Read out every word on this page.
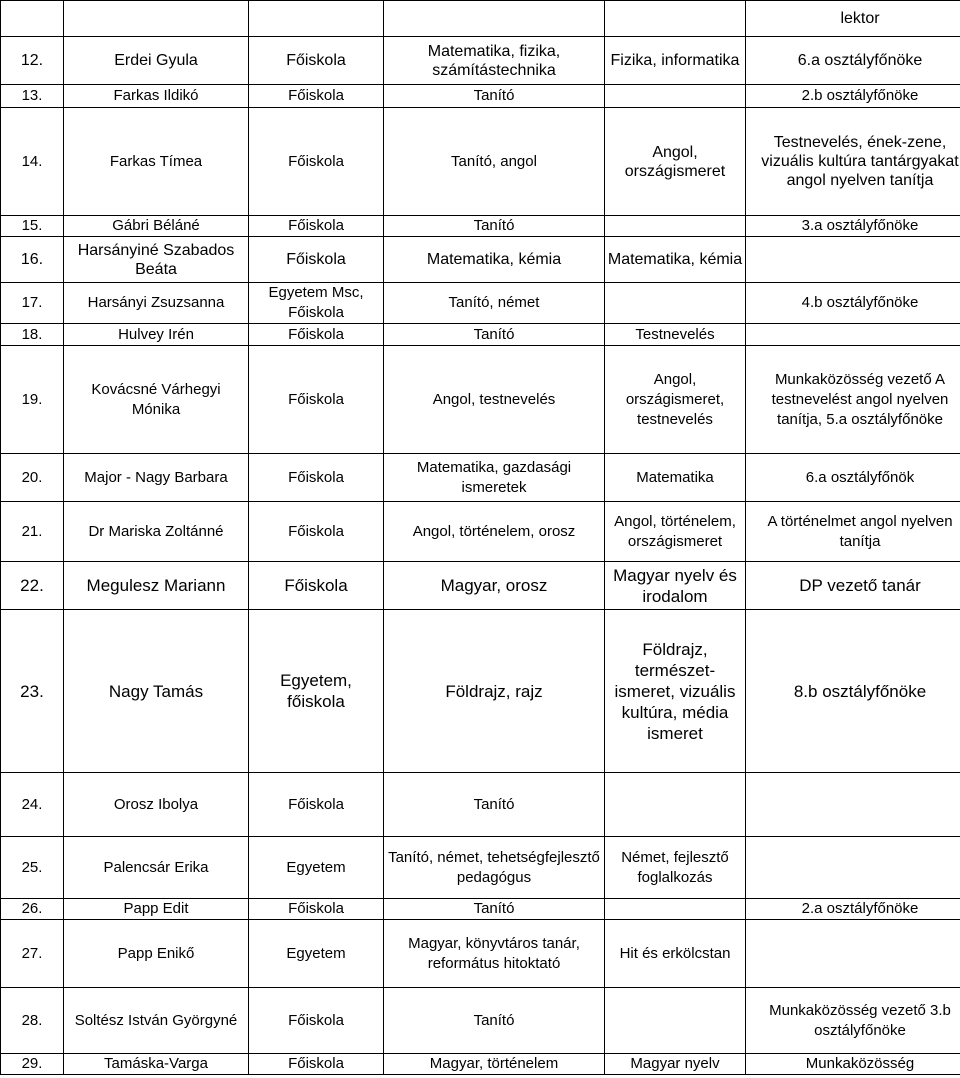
					lektor
12.	Erdei Gyula	Főiskola	Matematika, fizika, számítástechnika	Fizika, informatika	6.a osztályfőnöke
13.	Farkas Ildikó	Főiskola	Tanító		2.b osztályfőnöke
14.	Farkas Tímea	Főiskola	Tanító, angol	Angol, országismeret	Testnevelés, ének-zene, vizuális kultúra tantárgyakat angol nyelven tanítja
15.	Gábri Béláné	Főiskola	Tanító		3.a osztályfőnöke
16.	Harsányiné Szabados Beáta	Főiskola	Matematika, kémia	Matematika, kémia	
17.	Harsányi Zsuzsanna	Egyetem Msc, Főiskola	Tanító, német		4.b osztályfőnöke
18.	Hulvey Irén	Főiskola	Tanító	Testnevelés	
19.	Kovácsné Várhegyi Mónika	Főiskola	Angol, testnevelés	Angol, országismeret, testnevelés	Munkaközösség vezető A testnevelést angol nyelven tanítja, 5.a osztályfőnöke
20.	Major - Nagy Barbara	Főiskola	Matematika, gazdasági ismeretek	Matematika	6.a osztályfőnök
21.	Dr Mariska Zoltánné	Főiskola	Angol, történelem, orosz	Angol, történelem, országismeret	A történelmet angol nyelven tanítja
22.	Megulesz Mariann	Főiskola	Magyar, orosz	Magyar nyelv és irodalom	DP vezető tanár
23.	Nagy Tamás	Egyetem, főiskola	Földrajz, rajz	Földrajz, természet-ismeret, vizuális kultúra, média ismeret	8.b osztályfőnöke
24.	Orosz Ibolya	Főiskola	Tanító		
25.	Palencsár Erika	Egyetem	Tanító, német, tehetségfejlesztő pedagógus	Német, fejlesztő foglalkozás	
26.	Papp Edit	Főiskola	Tanító		2.a osztályfőnöke
27.	Papp Enikő	Egyetem	Magyar, könyvtáros tanár, református hitoktató	Hit és erkölcstan	
28.	Soltész István Györgyné	Főiskola	Tanító		Munkaközösség vezető 3.b osztályfőnöke
29.	Tamáska-Varga	Főiskola	Magyar, történelem	Magyar nyelv	Munkaközösség
